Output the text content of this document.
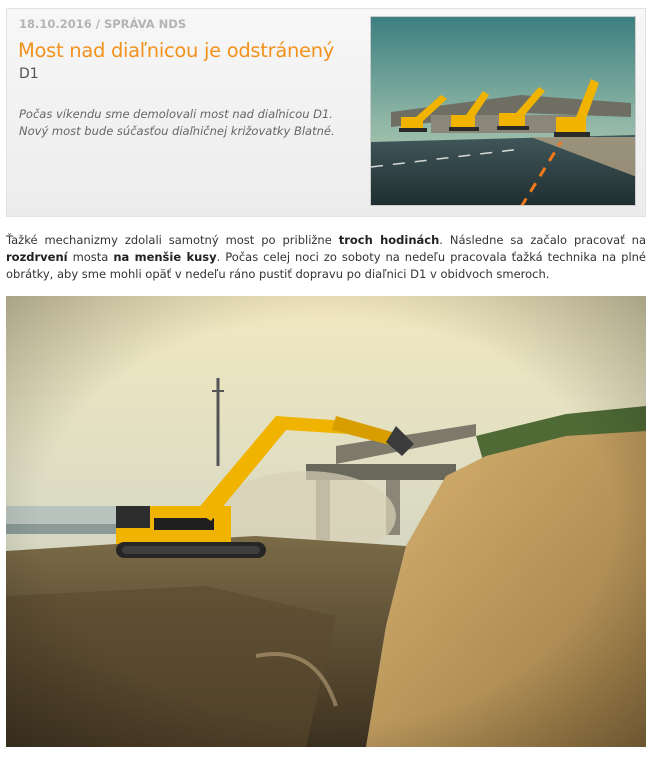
18.10.2016 / SPRÁVA NDS
Most nad diaľnicou je odstránený
D1
Počas víkendu sme demolovali most nad diaľnicou D1. Nový most bude súčasťou diaľničnej križovatky Blatné.
Ťažké mechanizmy zdolali samotný most po približne troch hodinách. Následne sa začalo pracovať na rozdrvení mosta na menšie kusy. Počas celej noci zo soboty na nedeľu pracovala ťažká technika na plné obrátky, aby sme mohli opäť v nedeľu ráno pustiť dopravu po diaľnici D1 v obidvoch smeroch.
